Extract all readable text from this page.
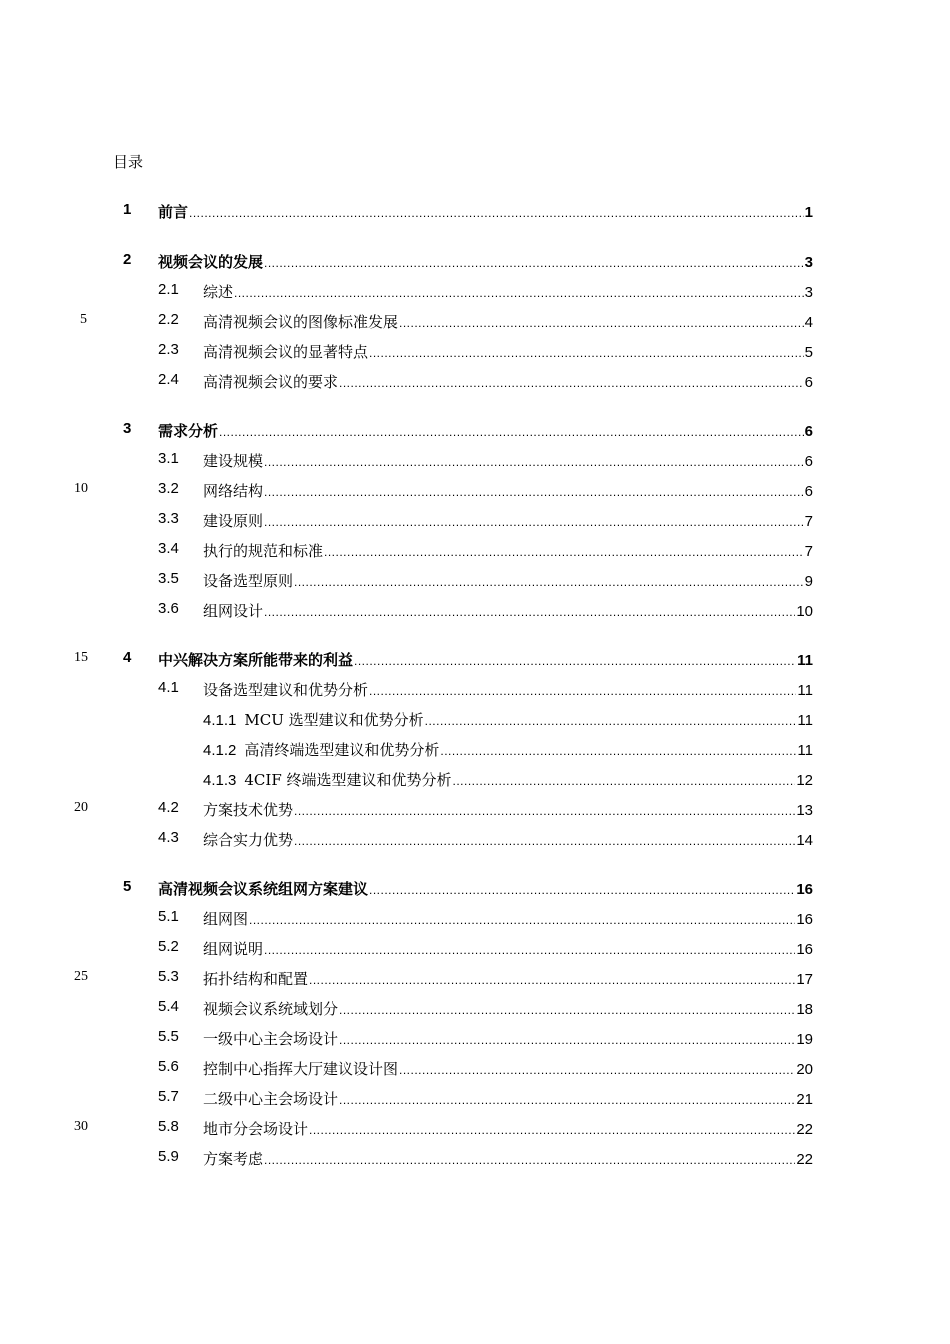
目录
5
10
15
20
25
30
1 前言 .....	1
2 视频会议的发展 .....	3
2.1 综述 .....	3
2.2 高清视频会议的图像标准发展 .....	4
2.3 高清视频会议的显著特点 .....	5
2.4 高清视频会议的要求 .....	6
3 需求分析 .....	6
3.1 建设规模 .....	6
3.2 网络结构 .....	6
3.3 建设原则 .....	7
3.4 执行的规范和标准 .....	7
3.5 设备选型原则 .....	9
3.6 组网设计 .....	10
4 中兴解决方案所能带来的利益 .....	11
4.1 设备选型建议和优势分析 .....	11
4.1.1 MCU 选型建议和优势分析 .....	11
4.1.2 高清终端选型建议和优势分析 .....	11
4.1.3 4CIF 终端选型建议和优势分析 .....	12
4.2 方案技术优势 .....	13
4.3 综合实力优势 .....	14
5 高清视频会议系统组网方案建议 .....	16
5.1 组网图 .....	16
5.2 组网说明 .....	16
5.3 拓扑结构和配置 .....	17
5.4 视频会议系统域划分 .....	18
5.5 一级中心主会场设计 .....	19
5.6 控制中心指挥大厅建议设计图 .....	20
5.7 二级中心主会场设计 .....	21
5.8 地市分会场设计 .....	22
5.9 方案考虑 .....	22
